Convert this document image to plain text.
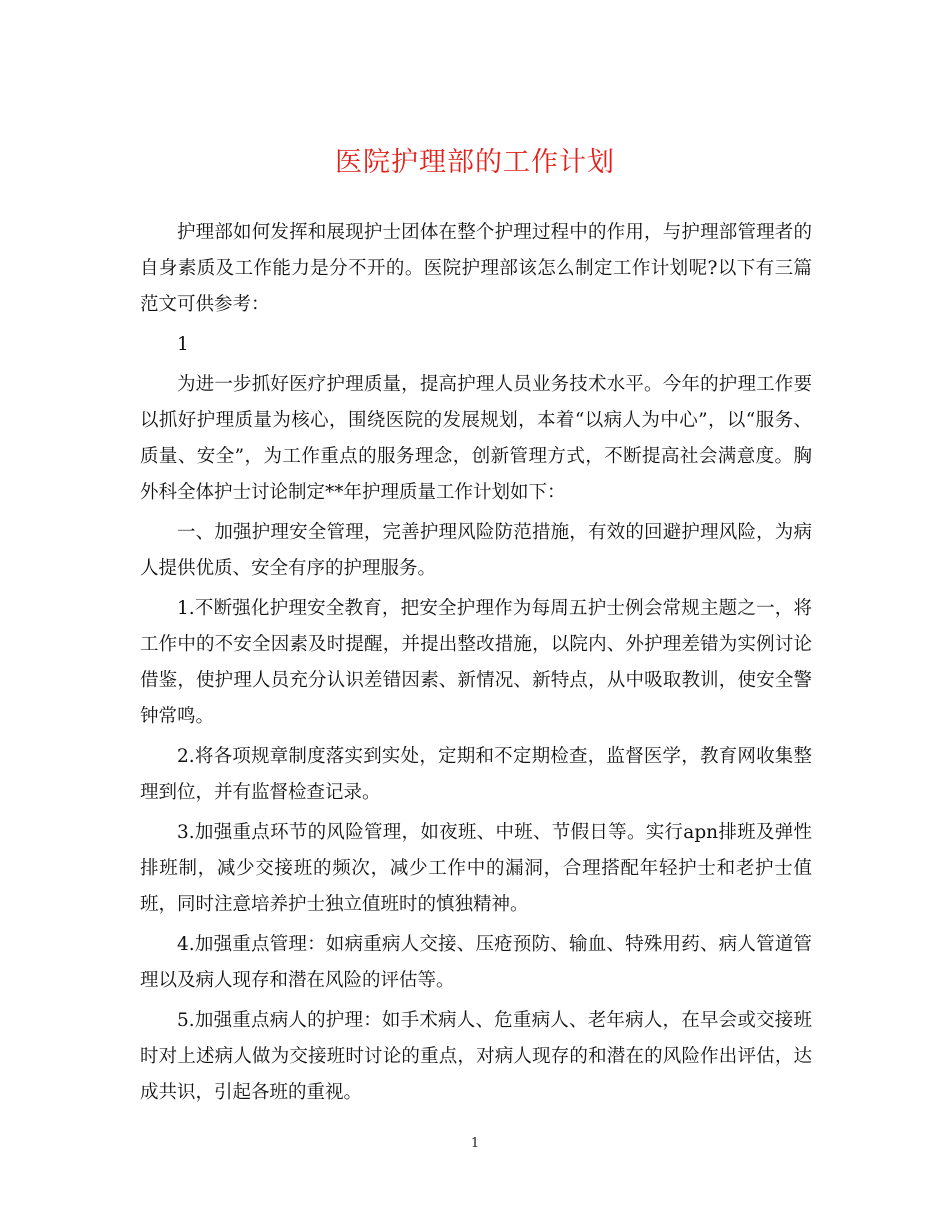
医院护理部的工作计划

护理部如何发挥和展现护士团体在整个护理过程中的作用，与护理部管理者的自身素质及工作能力是分不开的。医院护理部该怎么制定工作计划呢?以下有三篇范文可供参考：

1

为进一步抓好医疗护理质量，提高护理人员业务技术水平。今年的护理工作要以抓好护理质量为核心，围绕医院的发展规划，本着“以病人为中心”，以“服务、质量、安全”，为工作重点的服务理念，创新管理方式，不断提高社会满意度。胸外科全体护士讨论制定**年护理质量工作计划如下：

一、加强护理安全管理，完善护理风险防范措施，有效的回避护理风险，为病人提供优质、安全有序的护理服务。

1.不断强化护理安全教育，把安全护理作为每周五护士例会常规主题之一，将工作中的不安全因素及时提醒，并提出整改措施，以院内、外护理差错为实例讨论借鉴，使护理人员充分认识差错因素、新情况、新特点，从中吸取教训，使安全警钟常鸣。

2.将各项规章制度落实到实处，定期和不定期检查，监督医学，教育网收集整理到位，并有监督检查记录。

3.加强重点环节的风险管理，如夜班、中班、节假日等。实行apn排班及弹性排班制，减少交接班的频次，减少工作中的漏洞，合理搭配年轻护士和老护士值班，同时注意培养护士独立值班时的慎独精神。

4.加强重点管理：如病重病人交接、压疮预防、输血、特殊用药、病人管道管理以及病人现存和潜在风险的评估等。

5.加强重点病人的护理：如手术病人、危重病人、老年病人，在早会或交接班时对上述病人做为交接班时讨论的重点，对病人现存的和潜在的风险作出评估，达成共识，引起各班的重视。

1
